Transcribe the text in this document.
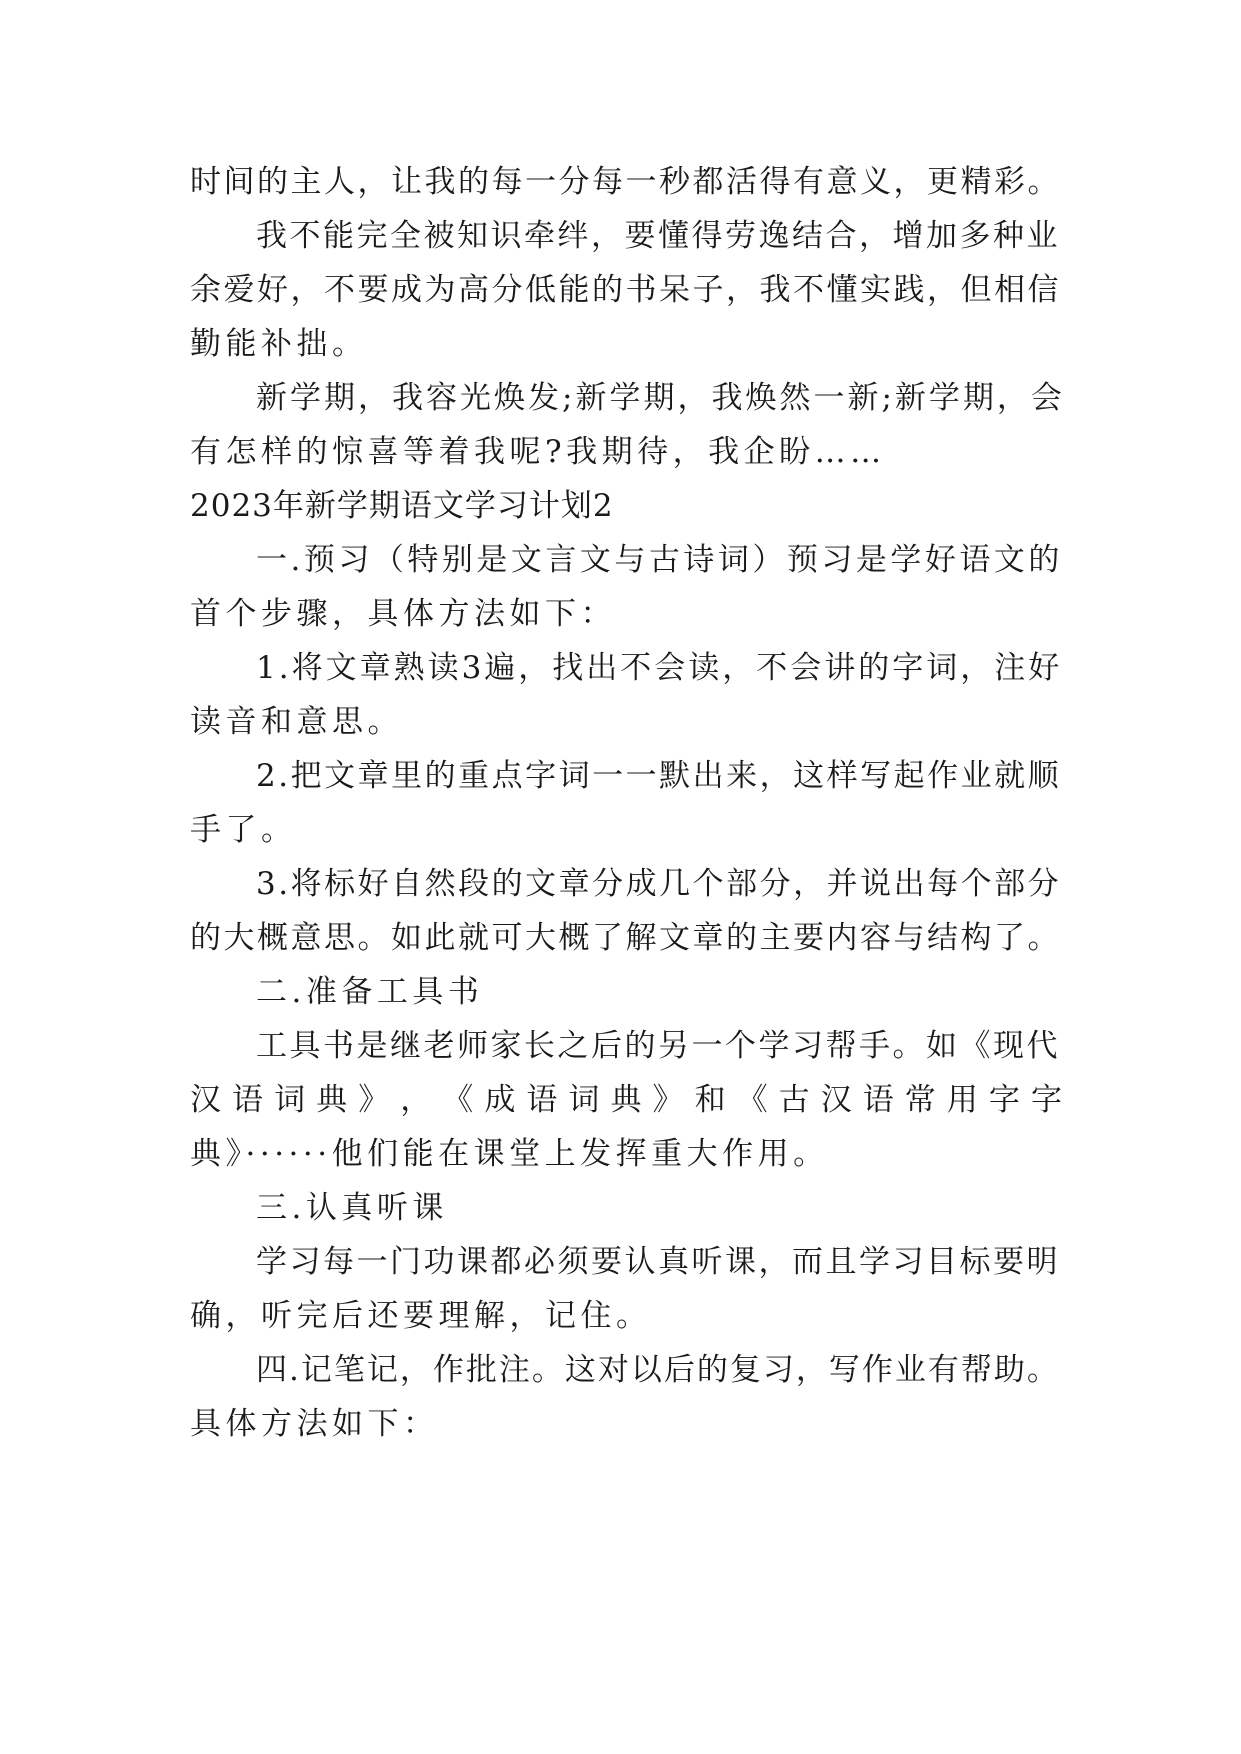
时间的主人，让我的每一分每一秒都活得有意义，更精彩。
我不能完全被知识牵绊，要懂得劳逸结合，增加多种业
余爱好，不要成为高分低能的书呆子，我不懂实践，但相信
勤能补拙。
新学期，我容光焕发;新学期，我焕然一新;新学期，会
有怎样的惊喜等着我呢?我期待，我企盼……
2023年新学期语文学习计划2
一.预习（特别是文言文与古诗词）预习是学好语文的
首个步骤，具体方法如下：
1.将文章熟读3遍，找出不会读，不会讲的字词，注好
读音和意思。
2.把文章里的重点字词一一默出来，这样写起作业就顺
手了。
3.将标好自然段的文章分成几个部分，并说出每个部分
的大概意思。如此就可大概了解文章的主要内容与结构了。
二.准备工具书
工具书是继老师家长之后的另一个学习帮手。如《现代
汉 语 词 典 》 ， 《 成 语 词 典 》 和 《 古 汉 语 常 用 字 字
典》······他们能在课堂上发挥重大作用。
三.认真听课
学习每一门功课都必须要认真听课，而且学习目标要明
确，听完后还要理解，记住。
四.记笔记，作批注。这对以后的复习，写作业有帮助。
具体方法如下：
